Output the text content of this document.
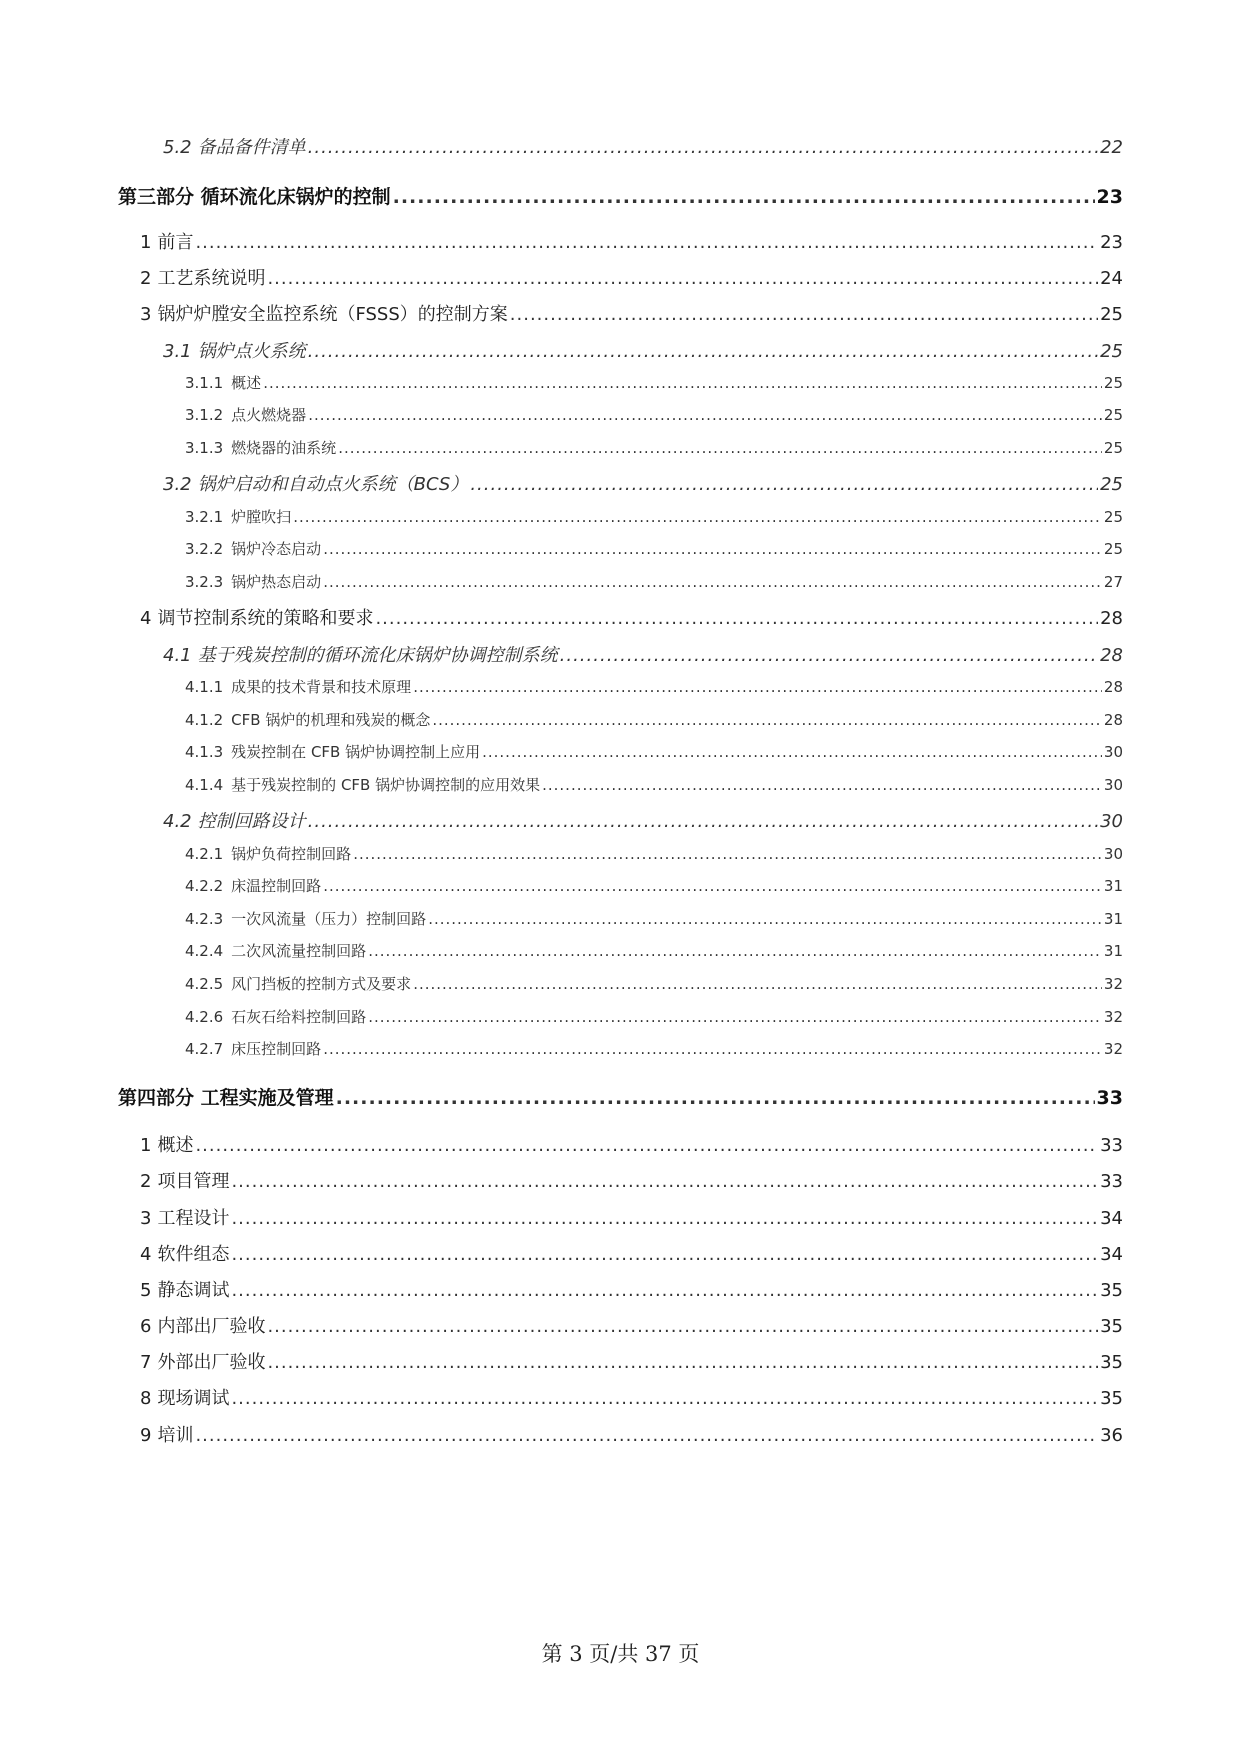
5.2 备品备件清单 .....	22
第三部分 循环流化床锅炉的控制 .....	23
1 前言 .....	23
2 工艺系统说明 .....	24
3 锅炉炉膛安全监控系统（FSSS）的控制方案 .....	25
3.1 锅炉点火系统 .....	25
3.1.1 概述 .....	25
3.1.2 点火燃烧器 .....	25
3.1.3 燃烧器的油系统 .....	25
3.2 锅炉启动和自动点火系统（BCS） .....	25
3.2.1 炉膛吹扫 .....	25
3.2.2 锅炉冷态启动 .....	25
3.2.3 锅炉热态启动 .....	27
4 调节控制系统的策略和要求 .....	28
4.1 基于残炭控制的循环流化床锅炉协调控制系统 .....	28
4.1.1 成果的技术背景和技术原理 .....	28
4.1.2 CFB 锅炉的机理和残炭的概念 .....	28
4.1.3 残炭控制在 CFB 锅炉协调控制上应用 .....	30
4.1.4 基于残炭控制的 CFB 锅炉协调控制的应用效果 .....	30
4.2 控制回路设计 .....	30
4.2.1 锅炉负荷控制回路 .....	30
4.2.2 床温控制回路 .....	31
4.2.3 一次风流量（压力）控制回路 .....	31
4.2.4 二次风流量控制回路 .....	31
4.2.5 风门挡板的控制方式及要求 .....	32
4.2.6 石灰石给料控制回路 .....	32
4.2.7 床压控制回路 .....	32
第四部分 工程实施及管理 .....	33
1 概述 .....	33
2 项目管理 .....	33
3 工程设计 .....	34
4 软件组态 .....	34
5 静态调试 .....	35
6 内部出厂验收 .....	35
7 外部出厂验收 .....	35
8 现场调试 .....	35
9 培训 .....	36
第 3 页/共 37 页
